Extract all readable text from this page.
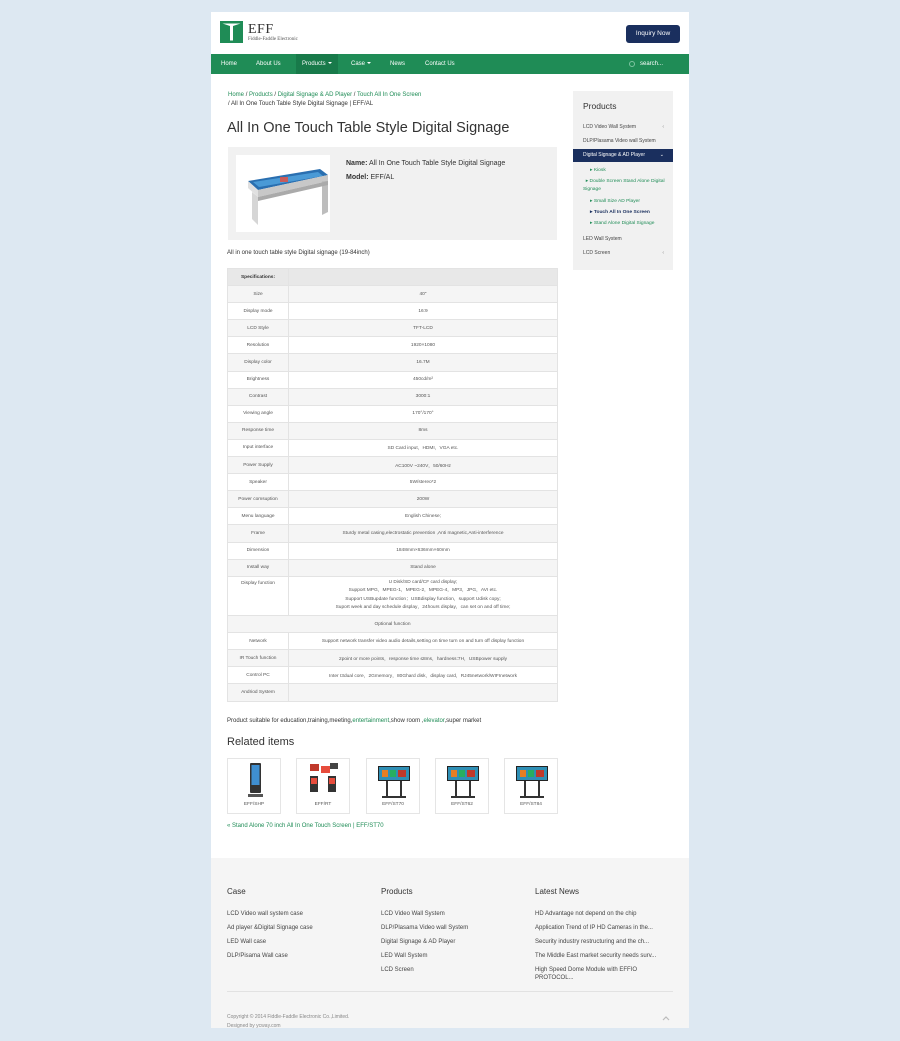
EFF
Fiddle-Faddle Electronic
Inquiry Now
Home	About Us	Products	Case	News	Contact Us	search...
Home / Products / Digital Signage & AD Player / Touch All In One Screen
/ All In One Touch Table Style Digital Signage | EFF/AL
All In One Touch Table Style Digital Signage
Name: All In One Touch Table Style Digital Signage
Model: EFF/AL
All in one touch table style Digital signage (19-84inch)
Specifications:	
Size	40"
Display mode	16:9
LCD Style	TFT-LCD
Resolution	1920×1080
Display color	16.7M
Brightness	450cd/m²
Contrast	3000:1
Viewing angle	170°/170°
Response time	8ms
Input interface	SD Card input，HDMI，VGA etc.
Power Supply	AC100V ~240V，50/60Hz
Speaker	5W/stereo*2
Power comsuption	200W
Menu language	English Chinese;
Frame	Sturdy metal casing,electrostatic prevention ,Anti magnetic,Anti-interference
Dimension	1848mm×636mm×60mm
Install way	Stand alone
Display function	U Disk/SD card/CF card display;
Support MPG，MPEG-1，MPEG-2，MPEG-4，MP3，JPG，AVI etc.
Support USBupdate function；USBdisplay function，support Udisk copy;
Suport week and day schedule display，24hours display，can set on and off time;

Optional function	
Network	Support network transfer video audio details,setting on time turn on and turn off display function
IR Touch function	2point or more points，response time ≤8ms，hardness:7H，USBpower supply
Control PC	Inter I3dual core，2Gmemory，80Ghard disk，display card，RJ45network/WIFInetwork
Andriod System	
Product suitable for education,training,meeting,entertainment,show room ,elevator,super market
Related items
EFF/SHP	EFF/RT	EFF/ST70	EFF/ST62	EFF/ST84
« Stand Alone 70 inch All In One Touch Screen | EFF/ST70
Products
LCD Video Wall System	‹
DLP/Plasama Video wall System
Digital Signage & AD Player	⌄
▸ Kiosk
▸ Double Screen Stand Alone Digital Signage
▸ Small Size AD Player
▸ Touch All In One Screen
▸ Stand Alone Digital Signage
LED Wall System
LCD Screen	‹
Case
LCD Video wall system case
Ad player &Digital Signage case
LED Wall case
DLP/Pisama Wall case
Products
LCD Video Wall System
DLP/Plasama Video wall System
Digital Signage & AD Player
LED Wall System
LCD Screen
Latest News
HD Advantage not depend on the chip
Application Trend of IP HD Cameras in the...
Security industry restructuring and the ch...
The Middle East market security needs surv...
High Speed Dome Module with EFFIO PROTOCOL...
Copyright © 2014 Fiddle-Faddle Electronic Co.,Limited.
Designed by ycway.com
